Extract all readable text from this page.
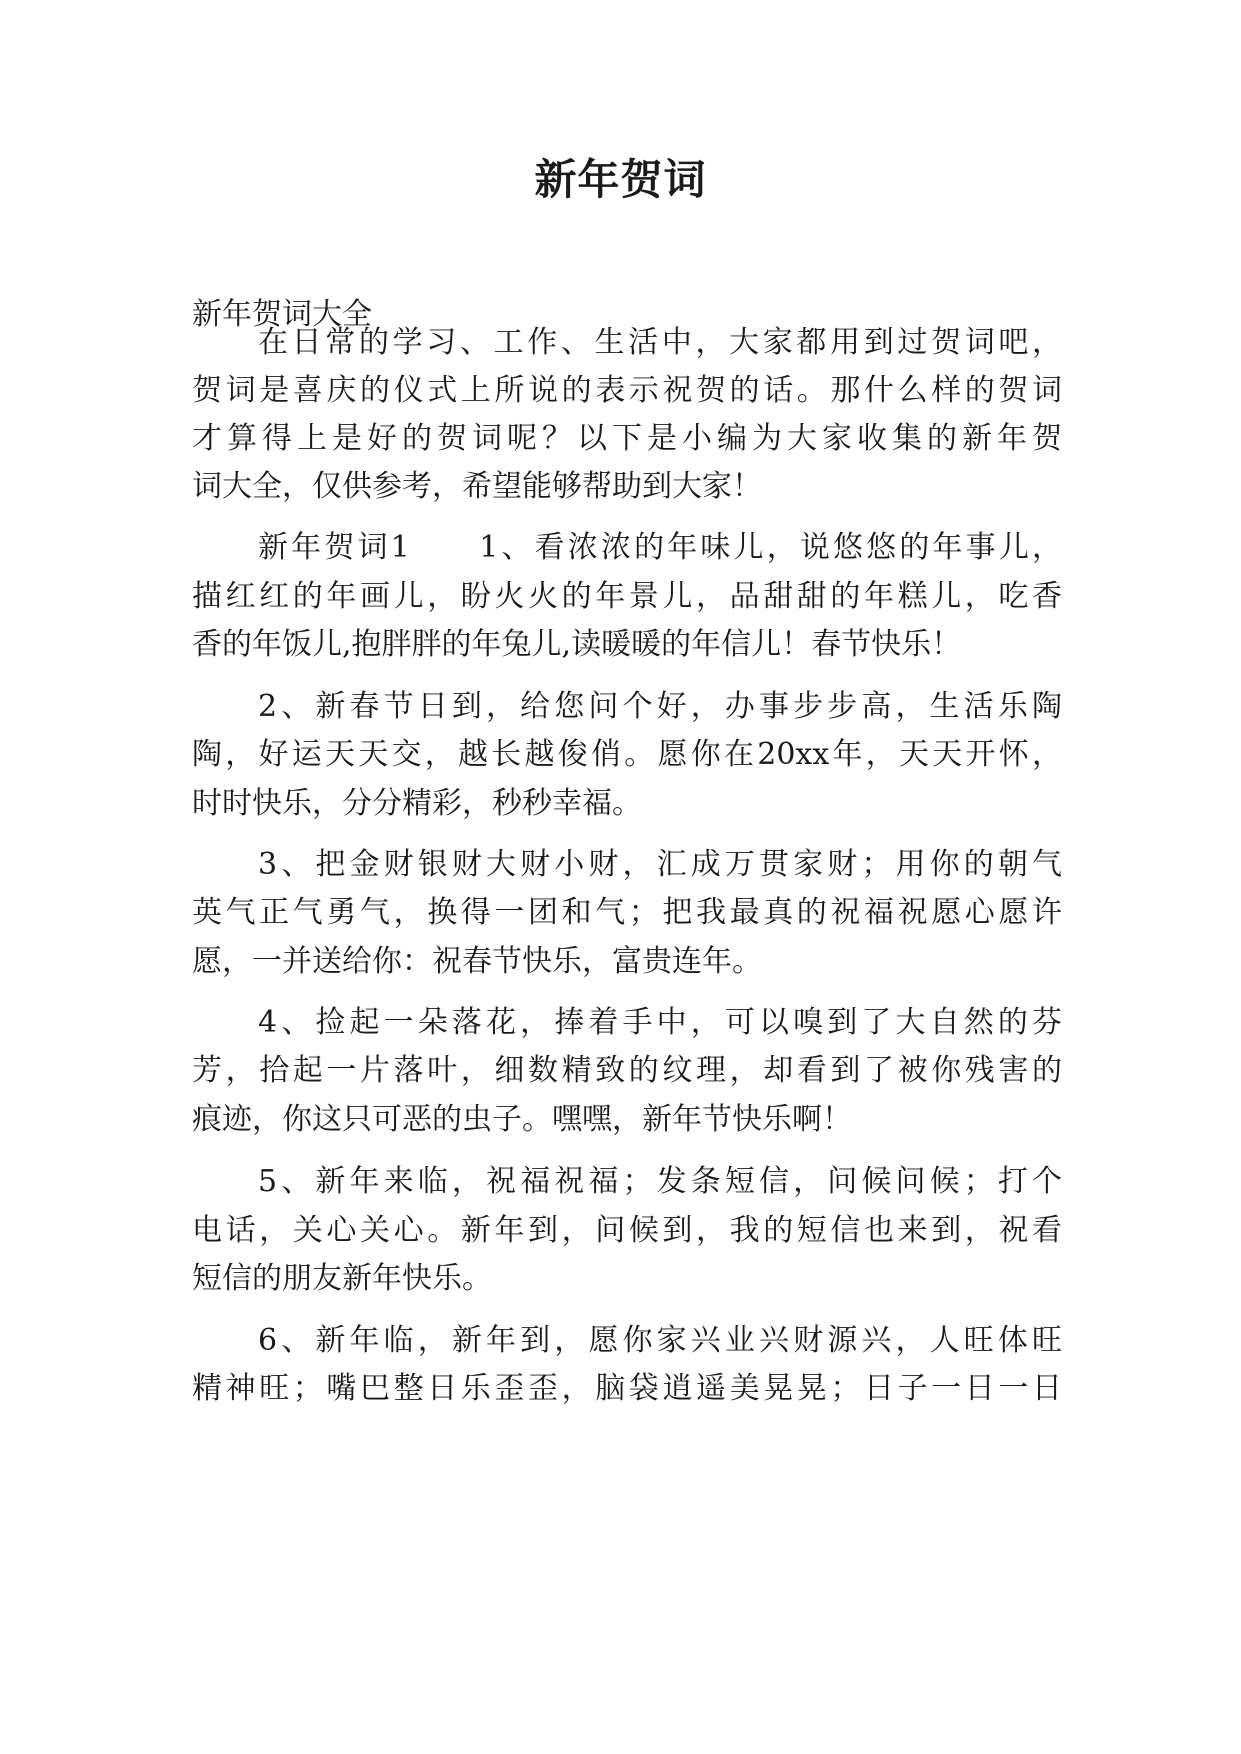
新年贺词
新年贺词大全
在日常的学习、工作、生活中，大家都用到过贺词吧，
贺词是喜庆的仪式上所说的表示祝贺的话。那什么样的贺词
才算得上是好的贺词呢？以下是小编为大家收集的新年贺
词大全，仅供参考，希望能够帮助到大家！
新年贺词1　　1、看浓浓的年味儿，说悠悠的年事儿，
描红红的年画儿，盼火火的年景儿，品甜甜的年糕儿，吃香
香的年饭儿,抱胖胖的年兔儿,读暖暖的年信儿！春节快乐！
2、新春节日到，给您问个好，办事步步高，生活乐陶
陶，好运天天交，越长越俊俏。愿你在20xx年，天天开怀，
时时快乐，分分精彩，秒秒幸福。
3、把金财银财大财小财，汇成万贯家财；用你的朝气
英气正气勇气，换得一团和气；把我最真的祝福祝愿心愿许
愿，一并送给你：祝春节快乐，富贵连年。
4、捡起一朵落花，捧着手中，可以嗅到了大自然的芬
芳，拾起一片落叶，细数精致的纹理，却看到了被你残害的
痕迹，你这只可恶的虫子。嘿嘿，新年节快乐啊！
5、新年来临，祝福祝福；发条短信，问候问候；打个
电话，关心关心。新年到，问候到，我的短信也来到，祝看
短信的朋友新年快乐。
6、新年临，新年到，愿你家兴业兴财源兴，人旺体旺
精神旺；嘴巴整日乐歪歪，脑袋逍遥美晃晃；日子一日一日
